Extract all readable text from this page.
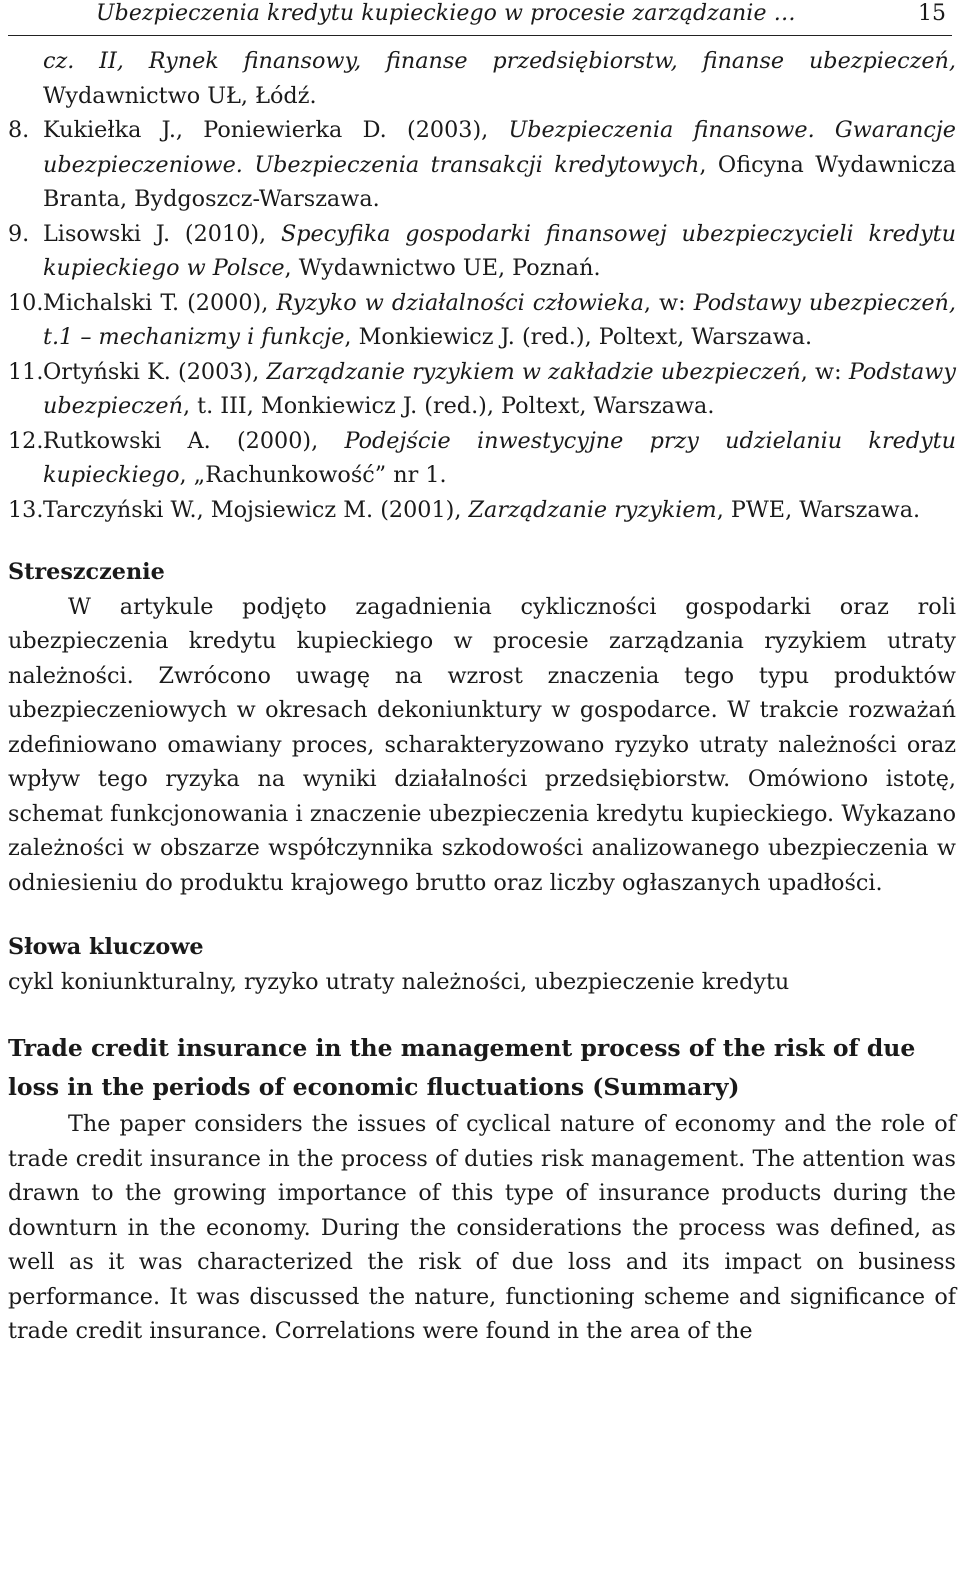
Ubezpieczenia kredytu kupieckiego w procesie zarządzanie …	15
cz. II, Rynek finansowy, finanse przedsiębiorstw, finanse ubezpieczeń, Wydawnictwo UŁ, Łódź.
8. Kukiełka J., Poniewierka D. (2003), Ubezpieczenia finansowe. Gwarancje ubezpieczeniowe. Ubezpieczenia transakcji kredytowych, Oficyna Wydawnicza Branta, Bydgoszcz-Warszawa.
9. Lisowski J. (2010), Specyfika gospodarki finansowej ubezpieczycieli kredytu kupieckiego w Polsce, Wydawnictwo UE, Poznań.
10. Michalski T. (2000), Ryzyko w działalności człowieka, w: Podstawy ubezpieczeń, t.1 – mechanizmy i funkcje, Monkiewicz J. (red.), Poltext, Warszawa.
11. Ortyński K. (2003), Zarządzanie ryzykiem w zakładzie ubezpieczeń, w: Podstawy ubezpieczeń, t. III, Monkiewicz J. (red.), Poltext, Warszawa.
12..
Rutkowski A. (2000), Podejście inwestycyjne przy udzielaniu kredytu kupieckiego, „Rachunkowość” nr 1.
13. Tarczyński W., Mojsiewicz M. (2001), Zarządzanie ryzykiem, PWE, Warszawa.
Streszczenie
W artykule podjęto zagadnienia cykliczności gospodarki oraz roli ubezpieczenia kredytu kupieckiego w procesie zarządzania ryzykiem utraty należności. Zwrócono uwagę na wzrost znaczenia tego typu produktów ubezpieczeniowych w okresach dekoniunktury w gospodarce. W trakcie rozważań zdefiniowano omawiany proces, scharakteryzowano ryzyko utraty należności oraz wpływ tego ryzyka na wyniki działalności przedsiębiorstw. Omówiono istotę, schemat funkcjonowania i znaczenie ubezpieczenia kredytu kupieckiego. Wykazano zależności w obszarze współczynnika szkodowości analizowanego ubezpieczenia w odniesieniu do produktu krajowego brutto oraz liczby ogłaszanych upadłości.
Słowa kluczowe
cykl koniunkturalny, ryzyko utraty należności, ubezpieczenie kredytu
Trade credit insurance in the management process of the risk of due loss in the periods of economic fluctuations (Summary)
The paper considers the issues of cyclical nature of economy and the role of trade credit insurance in the process of duties risk management. The attention was drawn to the growing importance of this type of insurance products during the downturn in the economy. During the considerations the process was defined, as well as it was characterized the risk of due loss and its impact on business performance. It was discussed the nature, functioning scheme and significance of trade credit insurance. Correlations were found in the area of the
